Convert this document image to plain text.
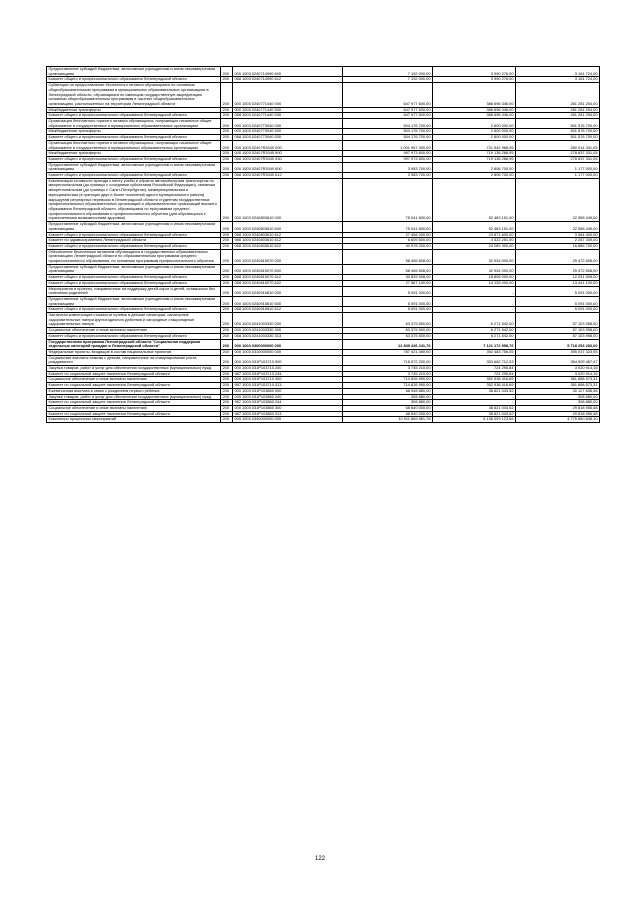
Предоставление субсидий бюджетным, автономным учреждениям и иным некоммерческим организациям	200	000 1003 0240714990 600	7 192 000,00	3 990 276,00	3 161 724,00
Комитет общего и профессионального образования Ленинградской области	200	068 1003 0240714990 612	7 192 000,00	3 990 276,00	3 161 724,00
Субвенции на предоставление бесплатного питания обучающимся по основным общеобразовательным программам в муниципальных образовательных организациях в Ленинградской области, обучающимся по имеющим государственную аккредитацию основным общеобразовательным программам в частных общеобразовательных организациях, расположенных на территории Ленинградской области	200	000 1003 0240771440 000	647 977 600,00	386 696 346,00	261 281 254,00
Межбюджетные трансферты	200	000 1003 0240771440 500	647 977 600,00	386 696 346,00	261 281 254,00
Комитет общего и профессионального образования Ленинградской области	200	068 1003 0240771440 530	647 977 600,00	386 696 346,00	261 281 254,00
Организация бесплатного горячего питания обучающихся, получающих начальное общее образование в государственных и муниципальных образовательных организациях	200	000 1003 0240773040 000	504 176 700,00	2 600 000,00	501 576 700,00
Межбюджетные трансферты	200	000 1003 0240773040 500	504 176 700,00	2 600 000,00	501 576 700,00
Комитет общего и профессионального образования Ленинградской области	200	068 1003 0240773040 530	504 176 700,00	2 600 000,00	501 576 700,00
Организация бесплатного горячего питания обучающихся, получающих начальное общее образование в государственных и муниципальных образовательных организациях	200	000 1003 02407R3040 000	1 001 957 300,00	721 942 968,95	280 014 331,05
Межбюджетные трансферты	200	000 1003 02407R3040 500	997 973 600,00	719 136 268,95	278 837 331,05
Комитет общего и профессионального образования Ленинградской области	200	068 1003 02407R3040 530	997 973 600,00	719 136 268,95	278 837 331,05
Предоставление субсидий бюджетным, автономным учреждениям и иным некоммерческим организациям	200	000 1003 02407R3040 600	3 983 700,00	2 806 700,00	1 177 000,00
Комитет общего и профессионального образования Ленинградской области	200	068 1003 02407R3040 612	3 983 700,00	2 806 700,00	1 177 000,00
Компенсация стоимости проезда к месту учебы и обратно автомобильным транспортом по межрегиональным (до границы с соседними субъектами Российской Федерации), смежным межрегиональным (до границы с Санкт-Петербургом), межмуниципальным и муниципальным (в границах двух и более поселений одного муниципального района) маршрутам регулярных перевозок в Ленинградской области студентам государственных профессиональных образовательных организаций и образовательных организаций высшего образования Ленинградской области, обучающимся по программам среднего профессионального образования и профессионального обучения (для обучающихся с ограниченными возможностями здоровья)	200	000 1003 0240803610 000	75 041 600,00	52 483 151,00	22 558 449,00
Предоставление субсидий бюджетным, автономным учреждениям и иным некоммерческим организациям	200	000 1003 0240803610 600	75 041 600,00	52 483 151,00	22 558 449,00
Комитет общего и профессионального образования Ленинградской области	200	068 1003 0240803610 612	27 456 000,00	23 871 600,00	3 584 400,00
Комитет по здравоохранению Ленинградской области	200	986 1003 0240803610 612	6 609 600,00	4 322 251,00	2 287 349,00
Комитет общего и профессионального образования Ленинградской области	200	068 1003 0240803610 622	40 976 000,00	24 289 300,00	16 686 700,00
Обеспечение бесплатным питанием обучающихся в государственных образовательных организациях Ленинградской области по образовательным программам среднего профессионального образования, по основным программам профессионального обучения	200	000 1003 0240815070 000	58 406 608,00	32 934 000,00	25 472 608,00
Предоставление субсидий бюджетным, автономным учреждениям и иным некоммерческим организациям	200	000 1003 0240815070 600	58 406 608,00	32 934 000,00	25 472 608,00
Комитет общего и профессионального образования Ленинградской области	200	068 1003 0240815070 612	30 839 508,00	18 808 000,00	12 031 508,00
Комитет общего и профессионального образования Ленинградской области	200	068 1003 0240815070 622	27 567 100,00	14 126 000,00	13 441 100,00
Мероприятия и проекты, направленные на поддержку детей-сирот и детей, оставшихся без попечения родителей	200	000 1003 0240915810 000	5 091 000,00	-	5 091 000,00
Предоставление субсидий бюджетным, автономным учреждениям и иным некоммерческим организациям	200	000 1003 0240915810 600	5 091 000,00	-	5 091 000,00
Комитет общего и профессионального образования Ленинградской области	200	068 1003 0240915810 612	5 091 000,00	-	5 091 000,00
Частичная компенсация стоимости путевок в детские санатории, санаторные оздоровительные лагеря круглогодичного действия и загородные стационарные оздоровительные лагеря	200	000 1003 0241003330 000	63 375 500,00	6 271 542,00	57 103 958,00
Социальное обеспечение и иные выплаты населению	200	000 1003 0241003330 300	63 375 500,00	6 271 542,00	57 103 958,00
Комитет общего и профессионального образования Ленинградской области	200	068 1003 0241003330 313	63 375 500,00	6 271 542,00	57 103 958,00
Государственная программа Ленинградской области "Социальная поддержка отдельных категорий граждан в Ленинградской области"	200	000 1003 0300000000 000	12 839 426 241,76	7 121 172 958,76	5 718 253 283,00
Федеральные проекты, входящие в состав национальных проектов	200	000 1003 0310000000 000	787 521 080,00	392 483 756,05	395 037 323,95
Социальные выплаты семьям с детьми, направленные на стимулирование роста рождаемости	200	000 1003 031P103710 000	718 572 200,00	353 662 712,53	364 909 487,47
Закупка товаров, работ и услуг для обеспечения государственных (муниципальных) нужд	200	000 1003 031P103710 200	3 745 210,00	724 295,84	3 020 914,16
Комитет по социальной защите населения Ленинградской области	200	987 1003 031P103710 244	3 745 210,00	724 295,84	3 020 914,16
Социальное обеспечение и иные выплаты населению	200	000 1003 031P103710 300	714 826 990,00	352 938 416,69	361 888 573,31
Комитет по социальной защите населения Ленинградской области	200	987 1003 031P103710 313	714 826 990,00	352 938 416,69	361 888 573,31
Ежемесячная выплата в связи с рождением первого ребенка	200	000 1003 031P103860 000	68 948 880,00	38 821 043,52	30 127 836,48
Закупка товаров, работ и услуг для обеспечения государственных (муниципальных) нужд	200	000 1003 031P103860 200	308 880,00	-	308 880,00
Комитет по социальной защите населения Ленинградской области	200	987 1003 031P103860 244	308 880,00	-	308 880,00
Социальное обеспечение и иные выплаты населению	200	000 1003 031P103860 300	68 640 000,00	38 821 043,52	29 818 956,48
Комитет по социальной защите населения Ленинградской области	200	987 1003 031P103860 313	68 640 000,00	38 821 043,52	29 818 956,48
Комплексы процессных мероприятий	200	000 1003 0340000000 000	10 911 669 561,76	6 136 009 123,66	4 775 660 638,10
122
